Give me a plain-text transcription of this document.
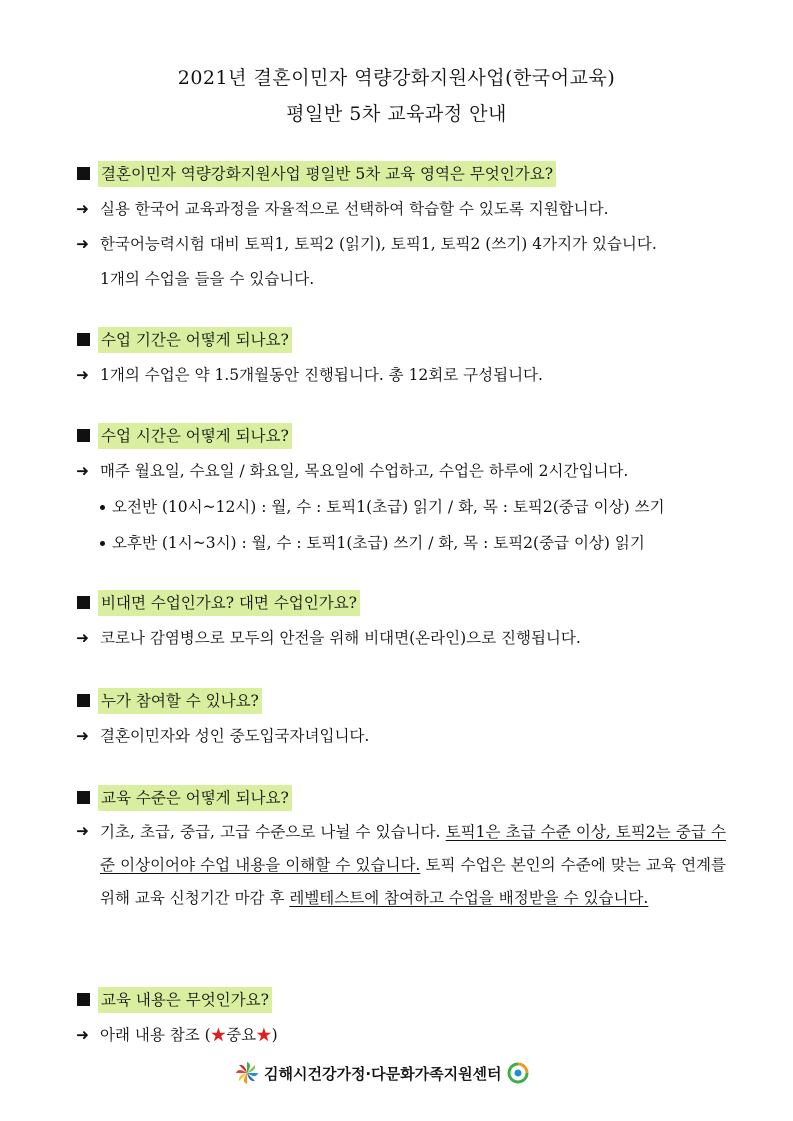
2021년 결혼이민자 역량강화지원사업(한국어교육)
평일반 5차 교육과정 안내
결혼이민자 역량강화지원사업 평일반 5차 교육 영역은 무엇인가요?
➜ 실용 한국어 교육과정을 자율적으로 선택하여 학습할 수 있도록 지원합니다.
➜ 한국어능력시험 대비 토픽1, 토픽2 (읽기), 토픽1, 토픽2 (쓰기) 4가지가 있습니다.
1개의 수업을 들을 수 있습니다.
수업 기간은 어떻게 되나요?
➜ 1개의 수업은 약 1.5개월동안 진행됩니다. 총 12회로 구성됩니다.
수업 시간은 어떻게 되나요?
➜ 매주 월요일, 수요일 / 화요일, 목요일에 수업하고, 수업은 하루에 2시간입니다.
오전반 (10시~12시) : 월, 수 : 토픽1(초급) 읽기 / 화, 목 : 토픽2(중급 이상) 쓰기
오후반 (1시~3시) : 월, 수 : 토픽1(초급) 쓰기 / 화, 목 : 토픽2(중급 이상) 읽기
비대면 수업인가요? 대면 수업인가요?
➜ 코로나 감염병으로 모두의 안전을 위해 비대면(온라인)으로 진행됩니다.
누가 참여할 수 있나요?
➜ 결혼이민자와 성인 중도입국자녀입니다.
교육 수준은 어떻게 되나요?
➜ 기초, 초급, 중급, 고급 수준으로 나뉠 수 있습니다. 토픽1은 초급 수준 이상, 토픽2는 중급 수준 이상이어야 수업 내용을 이해할 수 있습니다. 토픽 수업은 본인의 수준에 맞는 교육 연계를 위해 교육 신청기간 마감 후 레벨테스트에 참여하고 수업을 배정받을 수 있습니다.
교육 내용은 무엇인가요?
➜ 아래 내용 참조 (★중요★)
김해시건강가정·다문화가족지원센터
